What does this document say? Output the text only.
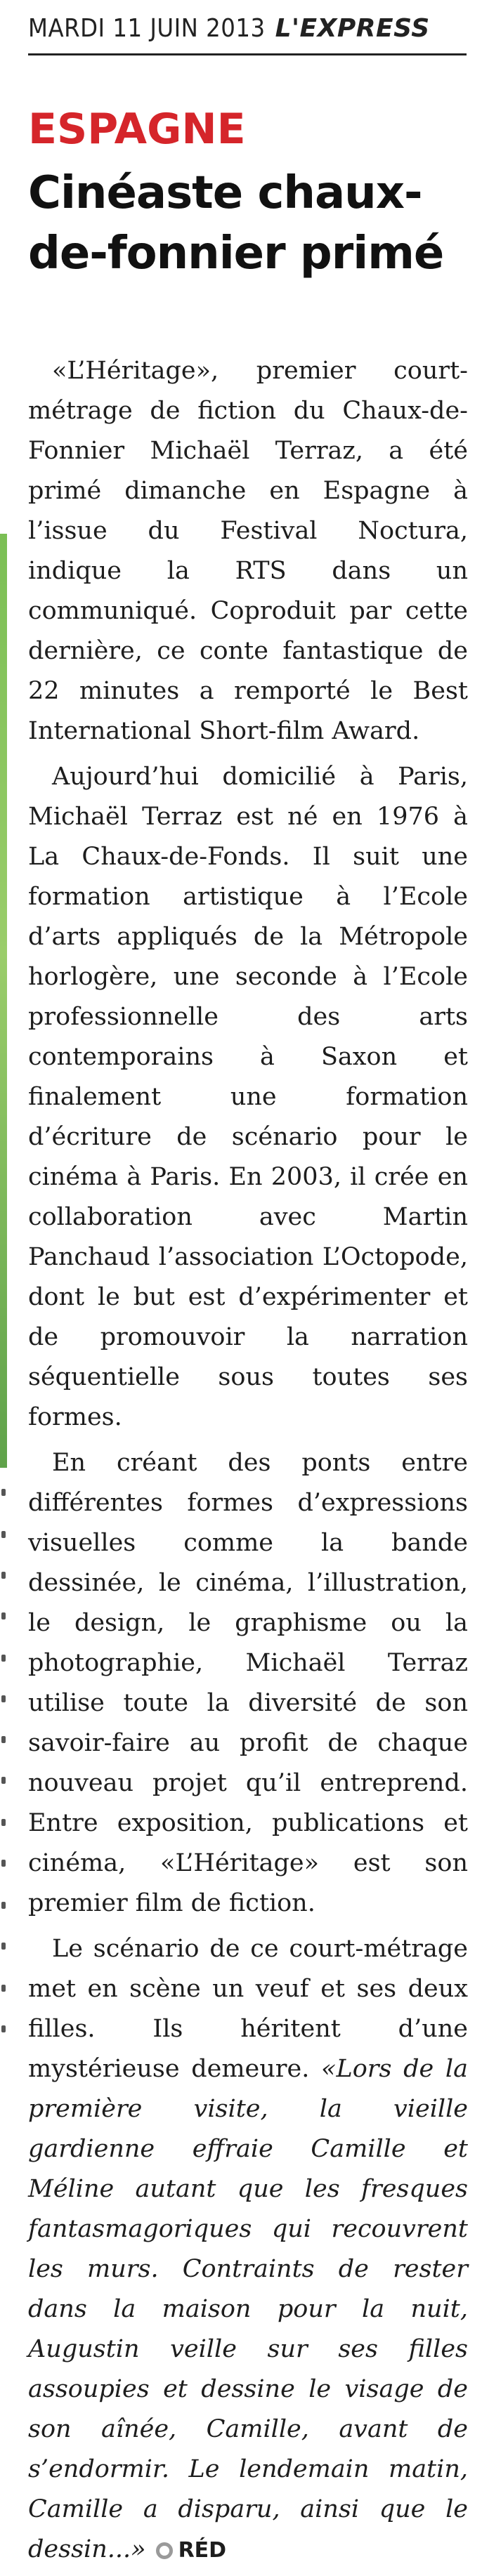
MARDI 11 JUIN 2013 L'EXPRESS
ESPAGNE
Cinéaste chaux-de-fonnier primé

«L’Héritage», premier court-métrage de fiction du Chaux-de-Fonnier Michaël Terraz, a été primé dimanche en Espagne à l’issue du Festival Noctura, indique la RTS dans un communiqué. Coproduit par cette dernière, ce conte fantastique de 22 minutes a remporté le Best International Short-film Award.

Aujourd’hui domicilié à Paris, Michaël Terraz est né en 1976 à La Chaux-de-Fonds. Il suit une formation artistique à l’Ecole d’arts appliqués de la Métropole horlogère, une seconde à l’Ecole professionnelle des arts contemporains à Saxon et finalement une formation d’écriture de scénario pour le cinéma à Paris. En 2003, il crée en collaboration avec Martin Panchaud l’association L’Octopode, dont le but est d’expérimenter et de promouvoir la narration séquentielle sous toutes ses formes.

En créant des ponts entre différentes formes d’expressions visuelles comme la bande dessinée, le cinéma, l’illustration, le design, le graphisme ou la photographie, Michaël Terraz utilise toute la diversité de son savoir-faire au profit de chaque nouveau projet qu’il entreprend. Entre exposition, publications et cinéma, «L’Héritage» est son premier film de fiction.

Le scénario de ce court-métrage met en scène un veuf et ses deux filles. Ils héritent d’une mystérieuse demeure. «Lors de la première visite, la vieille gardienne effraie Camille et Méline autant que les fresques fantasmagoriques qui recouvrent les murs. Contraints de rester dans la maison pour la nuit, Augustin veille sur ses filles assoupies et dessine le visage de son aînée, Camille, avant de s’endormir. Le lendemain matin, Camille a disparu, ainsi que le dessin...» RÉD
